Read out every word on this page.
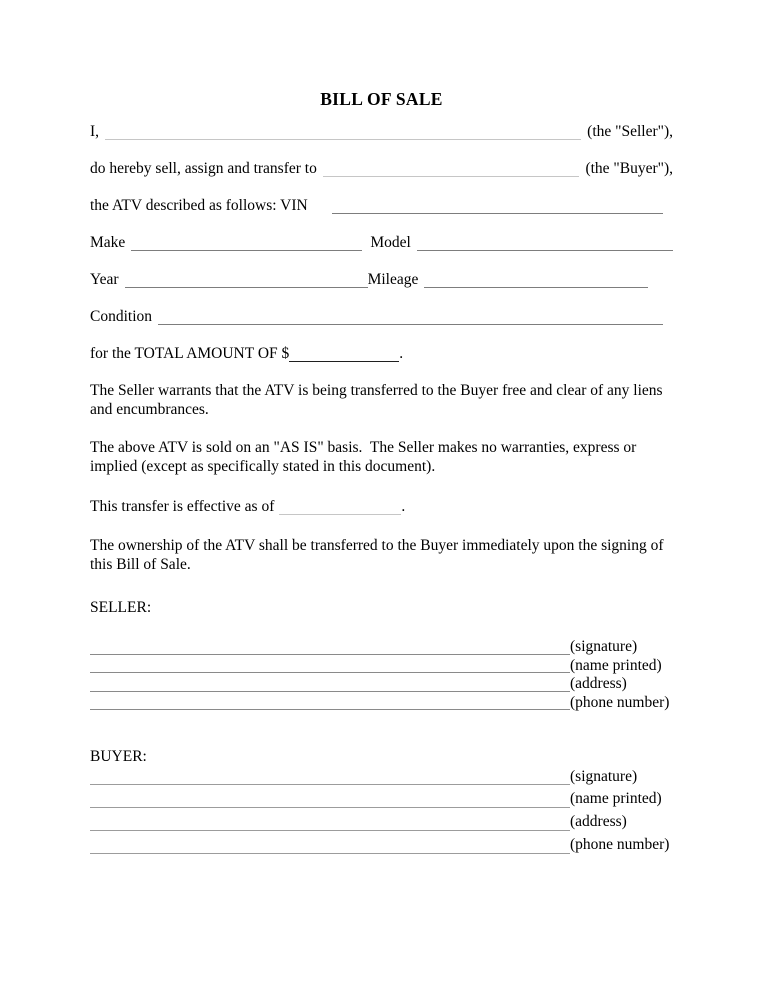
BILL OF SALE
I,	(the "Seller"),
do hereby sell, assign and transfer to	(the "Buyer"),
the ATV described as follows: VIN
Make	Model
Year	Mileage
Condition
for the TOTAL AMOUNT OF $	.
The Seller warrants that the ATV is being transferred to the Buyer free and clear of any liens and encumbrances.
The above ATV is sold on an "AS IS" basis.  The Seller makes no warranties, express or implied (except as specifically stated in this document).
This transfer is effective as of	.
The ownership of the ATV shall be transferred to the Buyer immediately upon the signing of this Bill of Sale.
SELLER:
(signature)
(name printed)
(address)
(phone number)
BUYER:
(signature)
(name printed)
(address)
(phone number)
